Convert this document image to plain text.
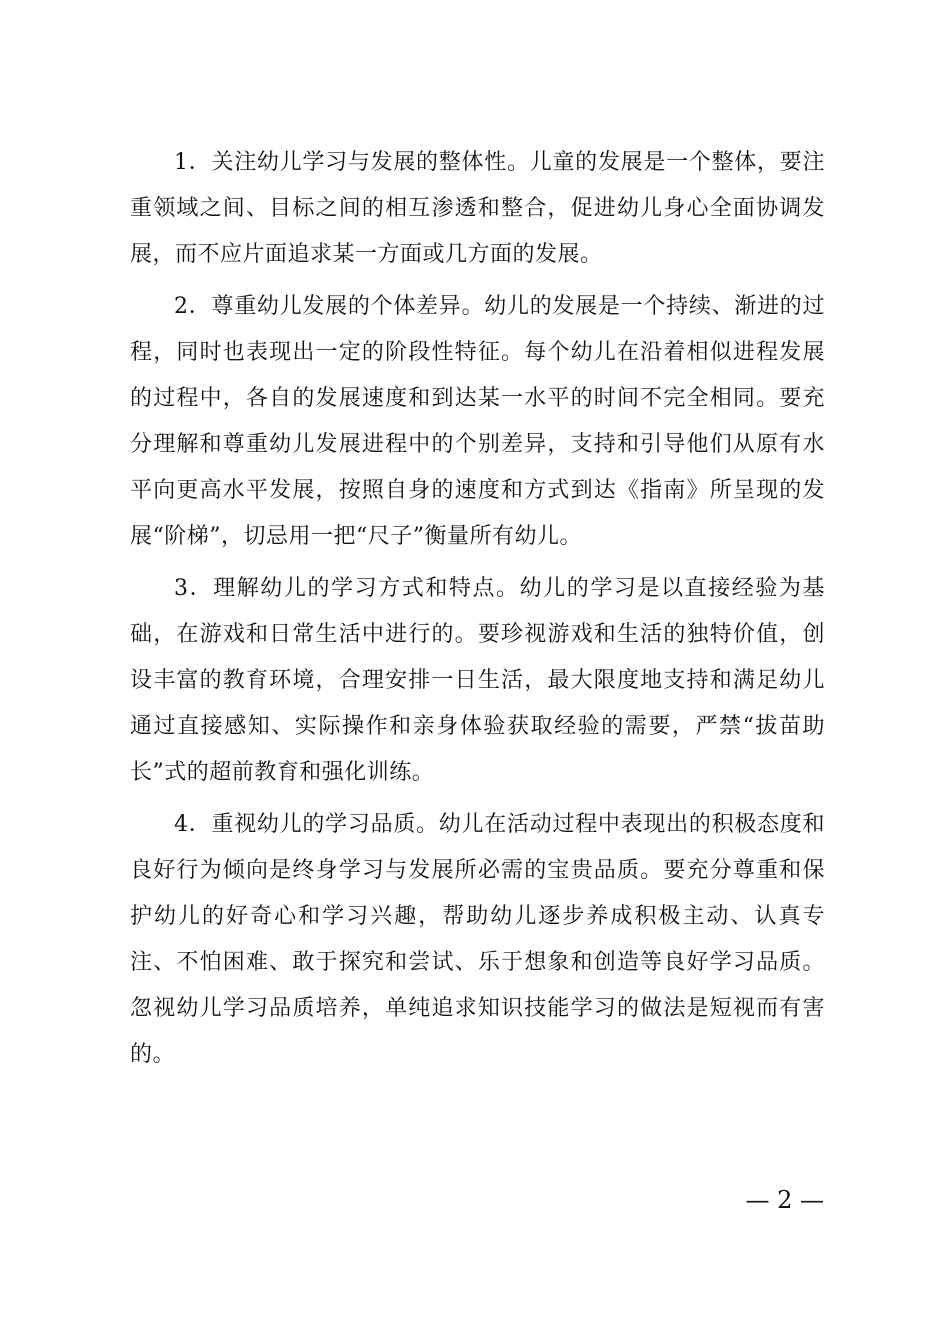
1．关注幼儿学习与发展的整体性。儿童的发展是一个整体，要注重领域之间、目标之间的相互渗透和整合，促进幼儿身心全面协调发展，而不应片面追求某一方面或几方面的发展。

2．尊重幼儿发展的个体差异。幼儿的发展是一个持续、渐进的过程，同时也表现出一定的阶段性特征。每个幼儿在沿着相似进程发展的过程中，各自的发展速度和到达某一水平的时间不完全相同。要充分理解和尊重幼儿发展进程中的个别差异，支持和引导他们从原有水平向更高水平发展，按照自身的速度和方式到达《指南》所呈现的发展“阶梯”，切忌用一把“尺子”衡量所有幼儿。

3．理解幼儿的学习方式和特点。幼儿的学习是以直接经验为基础，在游戏和日常生活中进行的。要珍视游戏和生活的独特价值，创设丰富的教育环境，合理安排一日生活，最大限度地支持和满足幼儿通过直接感知、实际操作和亲身体验获取经验的需要，严禁“拔苗助长”式的超前教育和强化训练。

4．重视幼儿的学习品质。幼儿在活动过程中表现出的积极态度和良好行为倾向是终身学习与发展所必需的宝贵品质。要充分尊重和保护幼儿的好奇心和学习兴趣，帮助幼儿逐步养成积极主动、认真专注、不怕困难、敢于探究和尝试、乐于想象和创造等良好学习品质。忽视幼儿学习品质培养，单纯追求知识技能学习的做法是短视而有害的。

— 2 —
